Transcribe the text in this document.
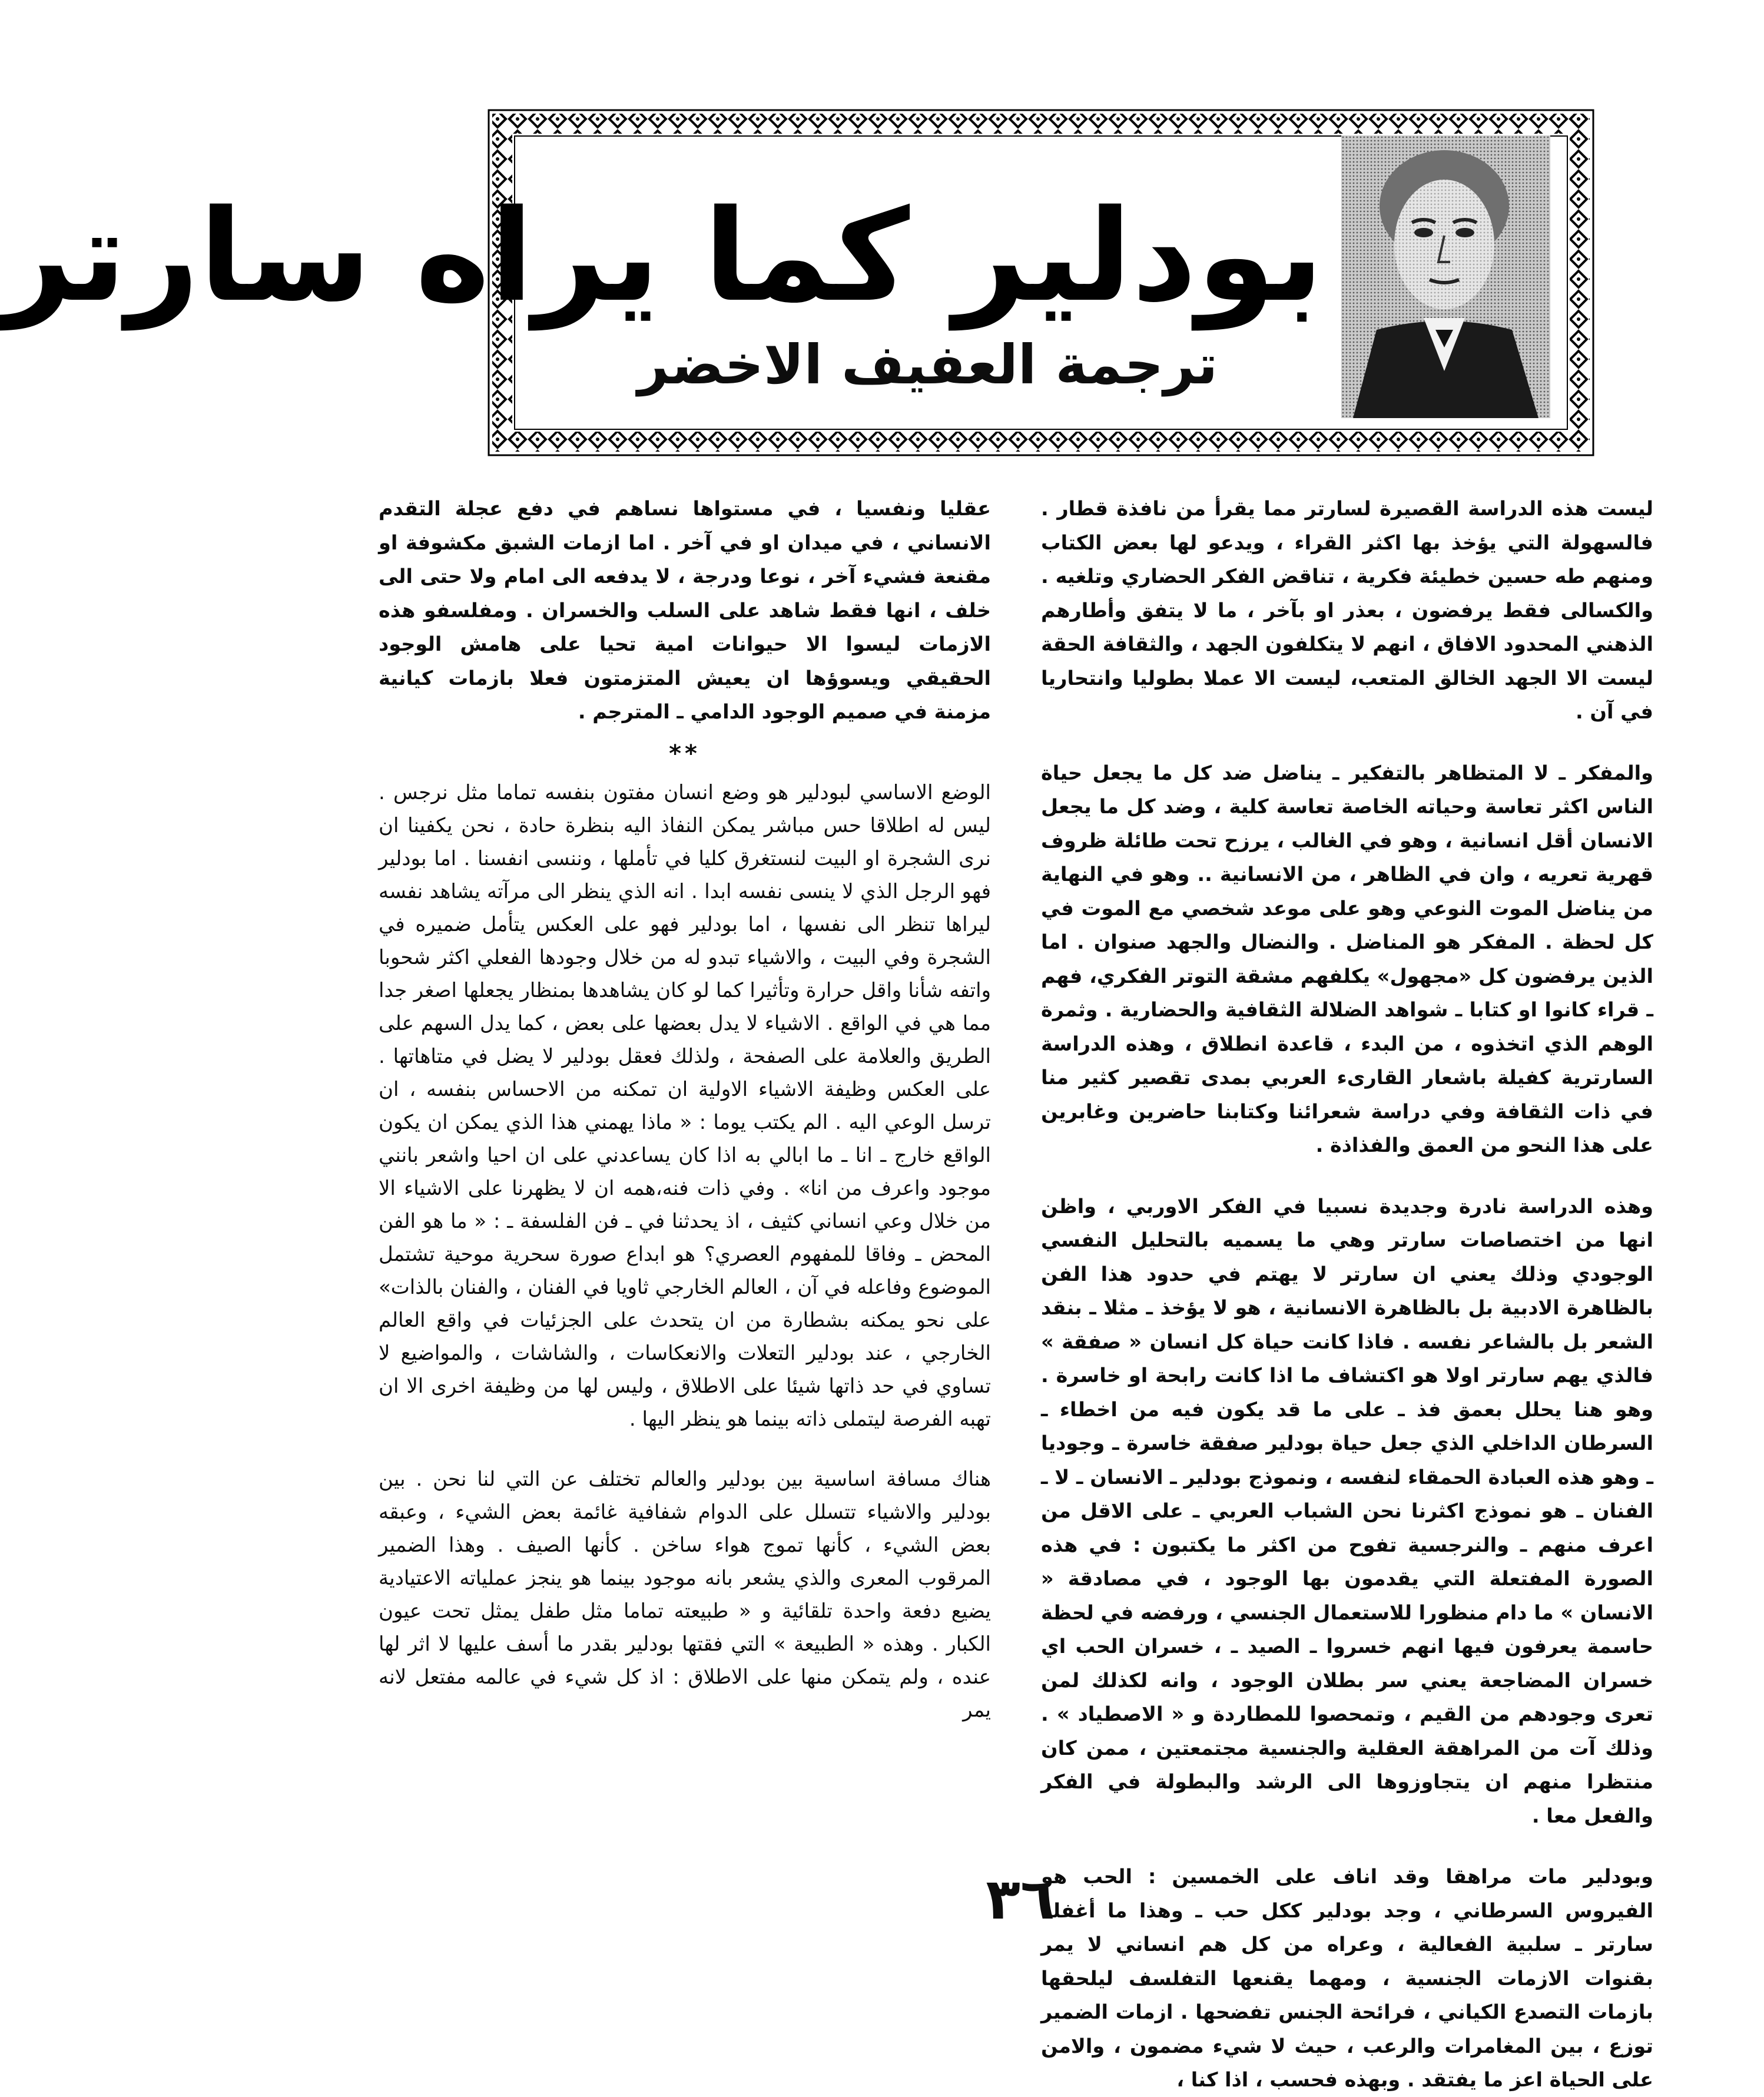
بودلير كما يراه سارتر
ترجمة العفيف الاخضر

ليست هذه الدراسة القصيرة لسارتر مما يقرأ من نافذة قطار . فالسهولة التي يؤخذ بها اكثر القراء ، ويدعو لها بعض الكتاب ومنهم طه حسين خطيئة فكرية ، تناقض الفكر الحضاري وتلغيه . والكسالى فقط يرفضون ، بعذر او بآخر ، ما لا يتفق وأطارهم الذهني المحدود الافاق ، انهم لا يتكلفون الجهد ، والثقافة الحقة ليست الا الجهد الخالق المتعب، ليست الا عملا بطوليا وانتحاريا في آن .

والمفكر ـ لا المتظاهر بالتفكير ـ يناضل ضد كل ما يجعل حياة الناس اكثر تعاسة وحياته الخاصة تعاسة كلية ، وضد كل ما يجعل الانسان أقل انسانية ، وهو في الغالب ، يرزح تحت طائلة ظروف قهرية تعريه ، وان في الظاهر ، من الانسانية .. وهو في النهاية من يناضل الموت النوعي وهو على موعد شخصي مع الموت في كل لحظة . المفكر هو المناضل . والنضال والجهد صنوان . اما الذين يرفضون كل «مجهول» يكلفهم مشقة التوتر الفكري، فهم ـ قراء كانوا او كتابا ـ شواهد الضلالة الثقافية والحضارية . وثمرة الوهم الذي اتخذوه ، من البدء ، قاعدة انطلاق ، وهذه الدراسة السارترية كفيلة باشعار القارىء العربي بمدى تقصير كثير منا في ذات الثقافة وفي دراسة شعرائنا وكتابنا حاضرين وغابرين على هذا النحو من العمق والفذاذة .

وهذه الدراسة نادرة وجديدة نسبيا في الفكر الاوربي ، واظن انها من اختصاصات سارتر وهي ما يسميه بالتحليل النفسي الوجودي وذلك يعني ان سارتر لا يهتم في حدود هذا الفن بالظاهرة الادبية بل بالظاهرة الانسانية ، هو لا يؤخذ ـ مثلا ـ بنقد الشعر بل بالشاعر نفسه . فاذا كانت حياة كل انسان « صفقة » فالذي يهم سارتر اولا هو اكتشاف ما اذا كانت رابحة او خاسرة . وهو هنا يحلل بعمق فذ ـ على ما قد يكون فيه من اخطاء ـ السرطان الداخلي الذي جعل حياة بودلير صفقة خاسرة ـ وجوديا ـ وهو هذه العبادة الحمقاء لنفسه ، ونموذج بودلير ـ الانسان ـ لا ـ الفنان ـ هو نموذج اكثرنا نحن الشباب العربي ـ على الاقل من اعرف منهم ـ والنرجسية تفوح من اكثر ما يكتبون : في هذه الصورة المفتعلة التي يقدمون بها الوجود ، في مصادقة « الانسان » ما دام منظورا للاستعمال الجنسي ، ورفضه في لحظة حاسمة يعرفون فيها انهم خسروا ـ الصيد ـ ، خسران الحب اي خسران المضاجعة يعني سر بطلان الوجود ، وانه لكذلك لمن تعرى وجودهم من القيم ، وتمحصوا للمطاردة و « الاصطياد » . وذلك آت من المراهقة العقلية والجنسية مجتمعتين ، ممن كان منتظرا منهم ان يتجاوزوها الى الرشد والبطولة في الفكر والفعل معا .

وبودلير مات مراهقا وقد اناف على الخمسين : الحب هو الفيروس السرطاني ، وجد بودلير ككل حب ـ وهذا ما أغفله سارتر ـ سلبية الفعالية ، وعراه من كل هم انساني لا يمر بقنوات الازمات الجنسية ، ومهما يقنعها التفلسف ليلحقها بازمات التصدع الكياني ، فرائحة الجنس تفضحها . ازمات الضمير توزع ، بين المغامرات والرعب ، حيث لا شيء مضمون ، والامن على الحياة اعز ما يفتقد . وبهذه فحسب ، اذا كنا ،

عقليا ونفسيا ، في مستواها نساهم في دفع عجلة التقدم الانساني ، في ميدان او في آخر . اما ازمات الشبق مكشوفة او مقنعة فشيء آخر ، نوعا ودرجة ، لا يدفعه الى امام ولا حتى الى خلف ، انها فقط شاهد على السلب والخسران . ومفلسفو هذه الازمات ليسوا الا حيوانات امية تحيا على هامش الوجود الحقيقي ويسوؤها ان يعيش المتزمتون فعلا بازمات كيانية مزمنة في صميم الوجود الدامي ـ المترجم .

**

الوضع الاساسي لبودلير هو وضع انسان مفتون بنفسه تماما مثل نرجس . ليس له اطلاقا حس مباشر يمكن النفاذ اليه بنظرة حادة ، نحن يكفينا ان نرى الشجرة او البيت لنستغرق كليا في تأملها ، وننسى انفسنا . اما بودلير فهو الرجل الذي لا ينسى نفسه ابدا . انه الذي ينظر الى مرآته يشاهد نفسه ليراها تنظر الى نفسها ، اما بودلير فهو على العكس يتأمل ضميره في الشجرة وفي البيت ، والاشياء تبدو له من خلال وجودها الفعلي اكثر شحوبا واتفه شأنا واقل حرارة وتأثيرا كما لو كان يشاهدها بمنظار يجعلها اصغر جدا مما هي في الواقع . الاشياء لا يدل بعضها على بعض ، كما يدل السهم على الطريق والعلامة على الصفحة ، ولذلك فعقل بودلير لا يضل في متاهاتها . على العكس وظيفة الاشياء الاولية ان تمكنه من الاحساس بنفسه ، ان ترسل الوعي اليه . الم يكتب يوما : « ماذا يهمني هذا الذي يمكن ان يكون الواقع خارج ـ انا ـ ما ابالي به اذا كان يساعدني على ان احيا واشعر بانني موجود واعرف من انا» . وفي ذات فنه،همه ان لا يظهرنا على الاشياء الا من خلال وعي انساني كثيف ، اذ يحدثنا في ـ فن الفلسفة ـ : « ما هو الفن المحض ـ وفاقا للمفهوم العصري؟ هو ابداع صورة سحرية موحية تشتمل الموضوع وفاعله في آن ، العالم الخارجي ثاويا في الفنان ، والفنان بالذات» على نحو يمكنه بشطارة من ان يتحدث على الجزئيات في واقع العالم الخارجي ، عند بودلير التعلات والانعكاسات ، والشاشات ، والمواضيع لا تساوي في حد ذاتها شيئا على الاطلاق ، وليس لها من وظيفة اخرى الا ان تهبه الفرصة ليتملى ذاته بينما هو ينظر اليها .

هناك مسافة اساسية بين بودلير والعالم تختلف عن التي لنا نحن . بين بودلير والاشياء تتسلل على الدوام شفافية غائمة بعض الشيء ، وعبقه بعض الشيء ، كأنها تموج هواء ساخن . كأنها الصيف . وهذا الضمير المرقوب المعرى والذي يشعر بانه موجود بينما هو ينجز عملياته الاعتيادية يضيع دفعة واحدة تلقائية و « طبيعته تماما مثل طفل يمثل تحت عيون الكبار . وهذه « الطبيعة » التي فقتها بودلير بقدر ما أسف عليها لا اثر لها عنده ، ولم يتمكن منها على الاطلاق : اذ كل شيء في عالمه مفتعل لانه يمر

٣٦
